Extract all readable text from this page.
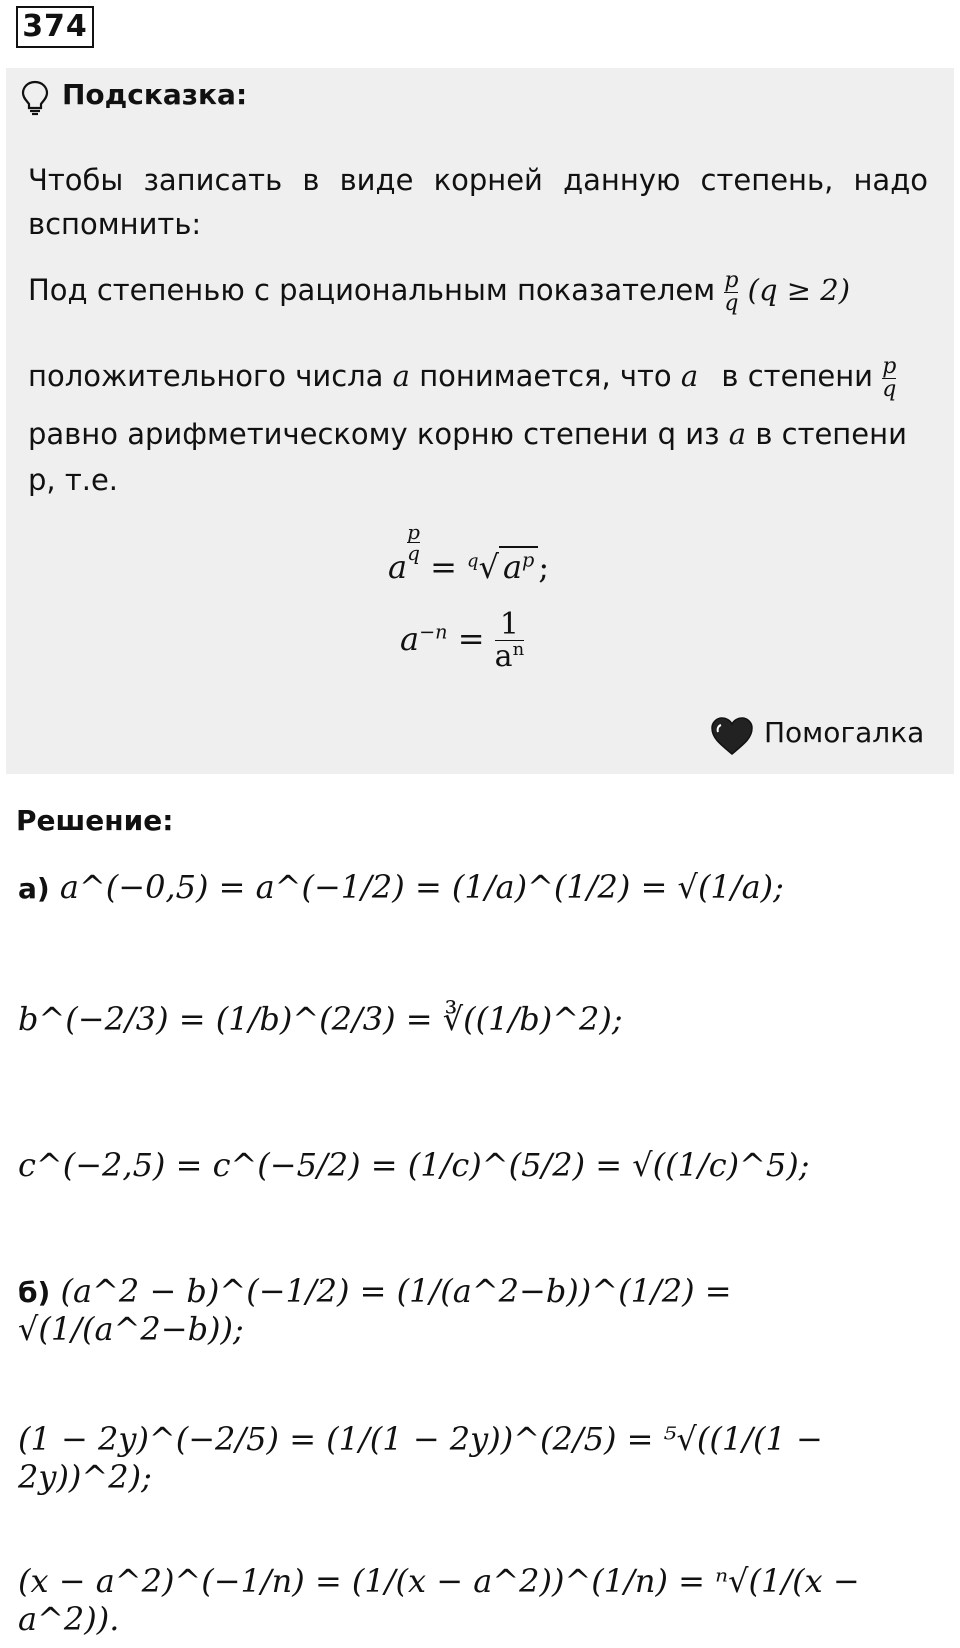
374
Подсказка:
Чтобы записать в виде корней данную степень, надо вспомнить:
Под степенью с рациональным показателем $\frac{p}{q} (q \ge 2)$
положительного числа a понимается, что a в степени $\frac{p}{q}$
равно арифметическому корню степени q из a в степени
р, т.е.
a
$\frac{p}{q}$
= $^q$√ $a^p$ ;
$a^{-n} = \frac{1}{a^n}$
Помогалка
Решение:
а) a^(−0,5) = a^(−1/2) = (1/a)^(1/2) = √(1/a);
b^(−2/3) = (1/b)^(2/3) = ∛((1/b)^2);
c^(−2,5) = c^(−5/2) = (1/c)^(5/2) = √((1/c)^5);
б) (a^2 − b)^(−1/2) = (1/(a^2−b))^(1/2) = √(1/(a^2−b));
(1 − 2y)^(−2/5) = (1/(1 − 2y))^(2/5) = ⁵√((1/(1 − 2y))^2);
(x − a^2)^(−1/n) = (1/(x − a^2))^(1/n) = ⁿ√(1/(x − a^2)).
